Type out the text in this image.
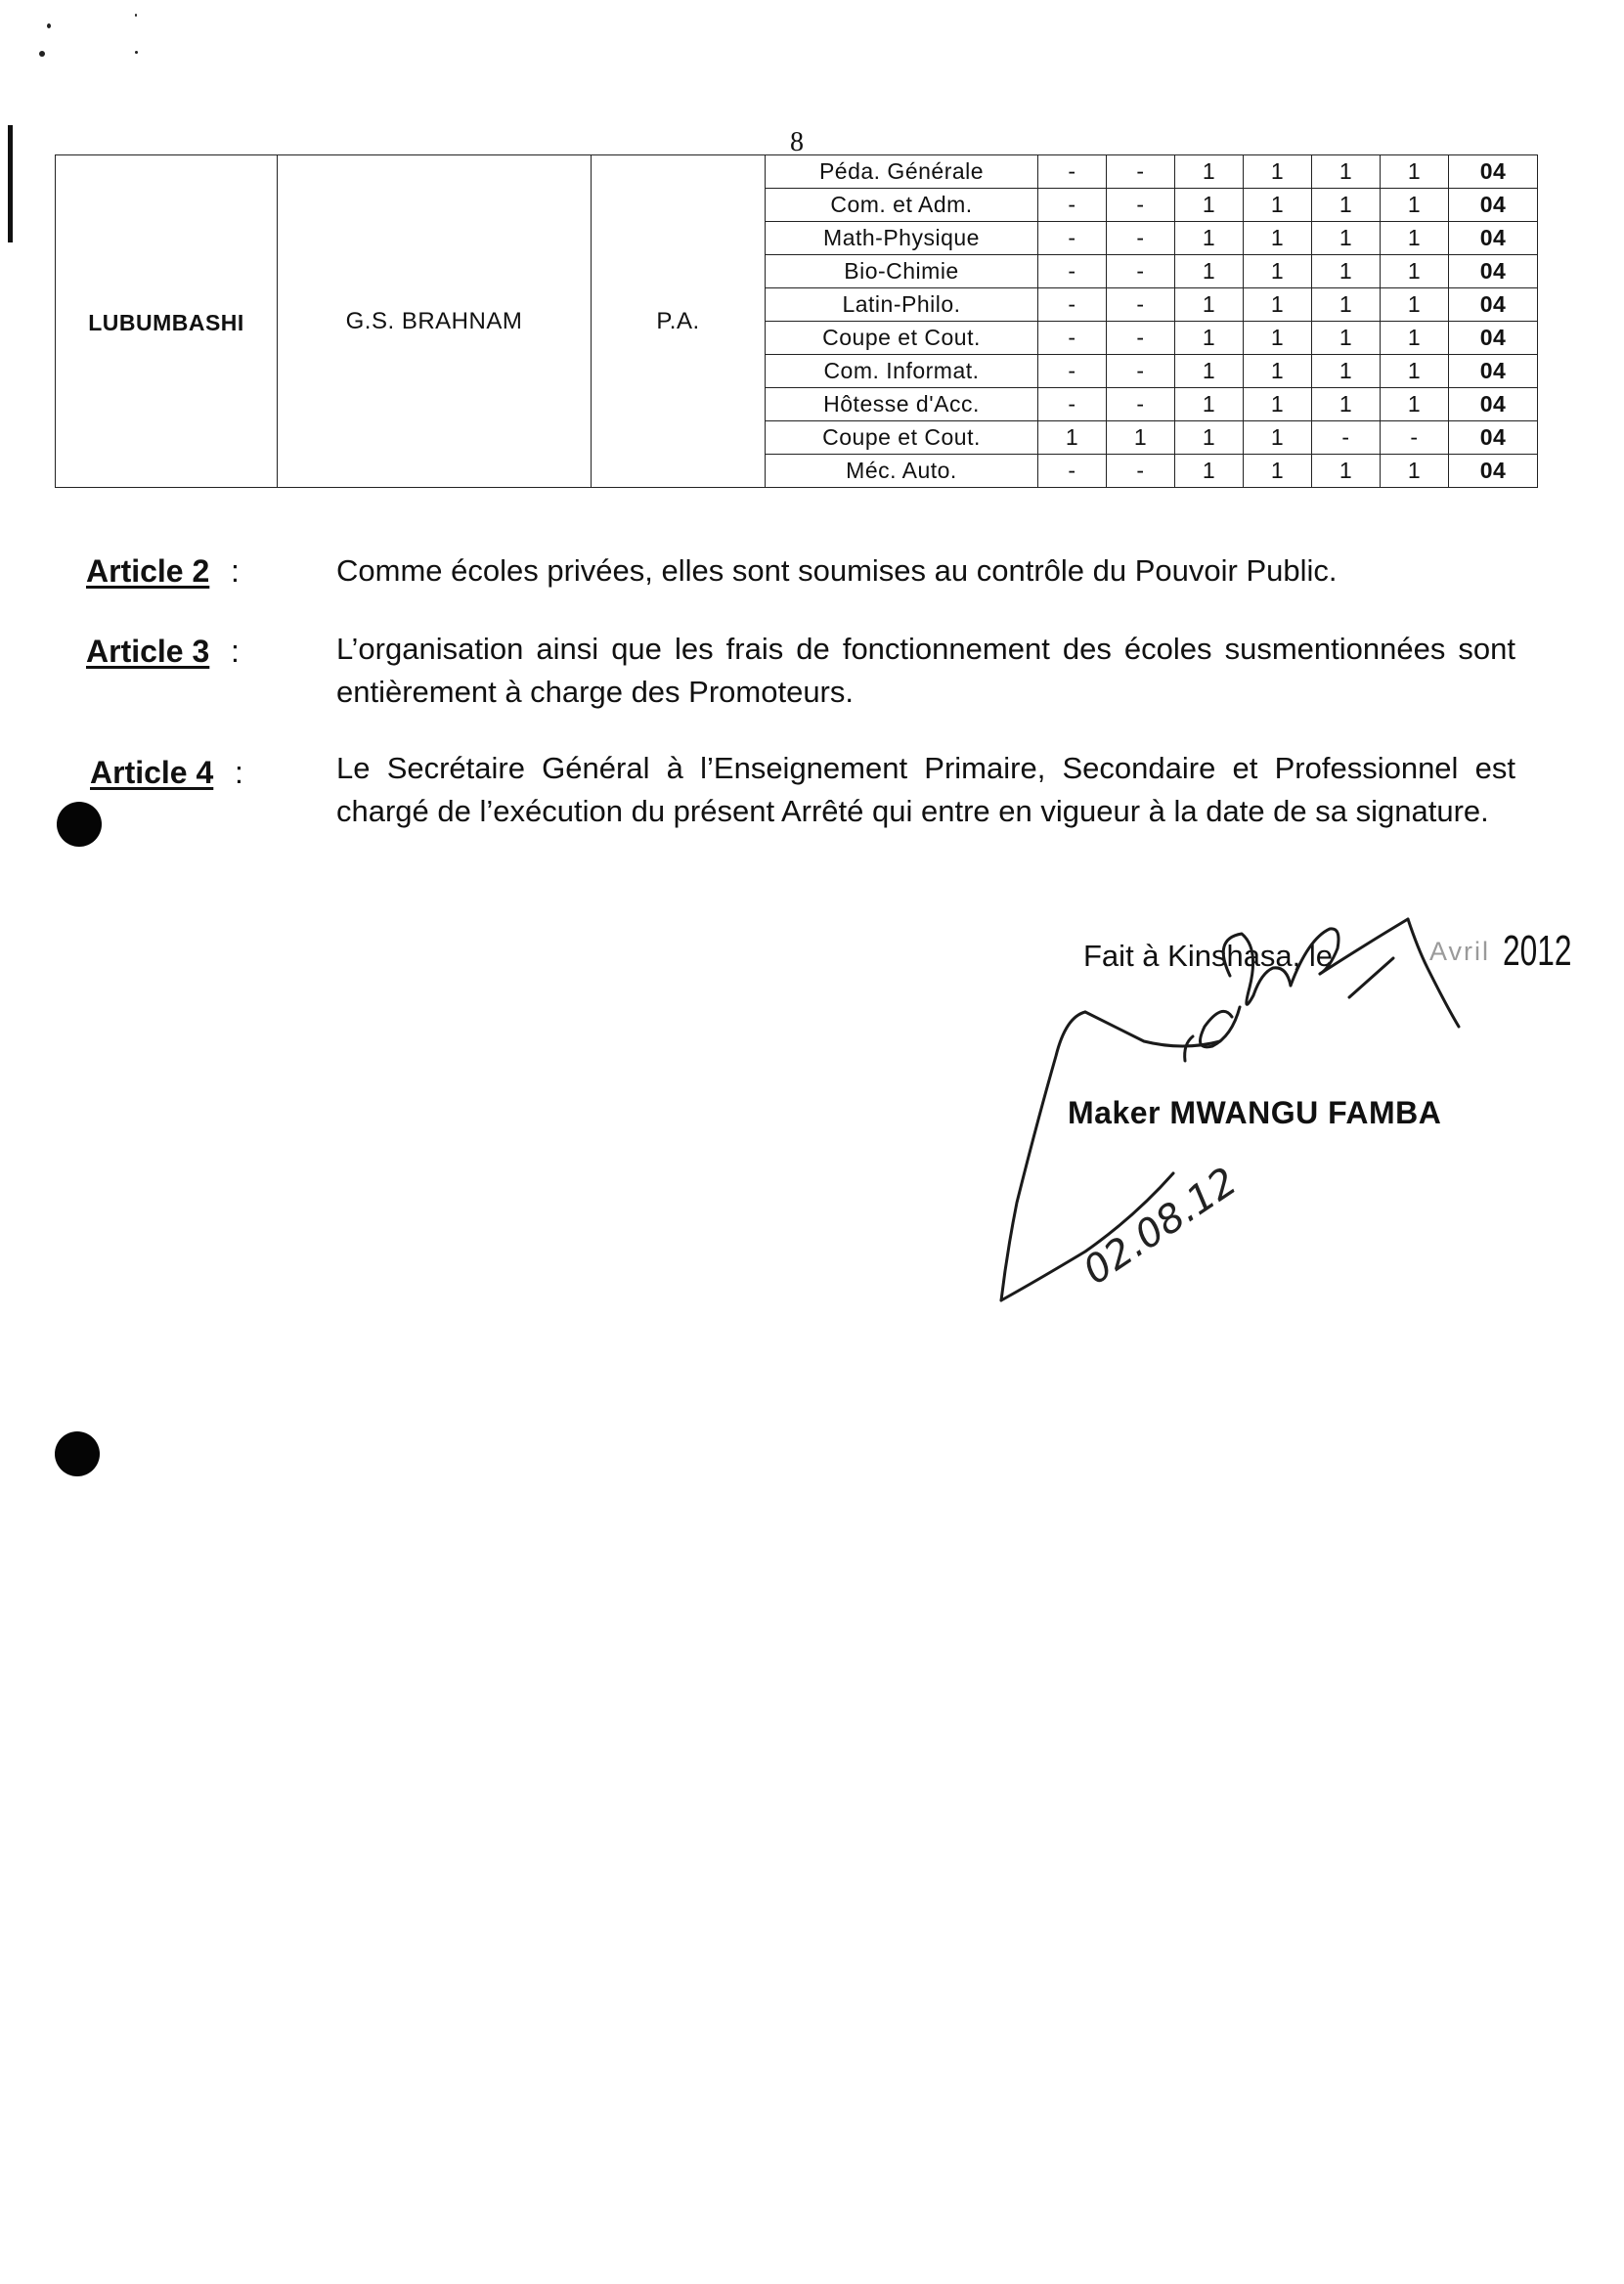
8
LUBUMBASHI	G.S. BRAHNAM	P.A.	Péda. Générale	-	-	1	1	1	1	04
			Com. et Adm.	-	-	1	1	1	1	04
			Math-Physique	-	-	1	1	1	1	04
			Bio-Chimie	-	-	1	1	1	1	04
			Latin-Philo.	-	-	1	1	1	1	04
			Coupe et Cout.	-	-	1	1	1	1	04
			Com. Informat.	-	-	1	1	1	1	04
			Hôtesse d'Acc.	-	-	1	1	1	1	04
			Coupe et Cout.	1	1	1	1	-	-	04
			Méc. Auto.	-	-	1	1	1	1	04
Article 2 :	Comme écoles privées, elles sont soumises au contrôle du Pouvoir Public.
Article 3 :	L’organisation ainsi que les frais de fonctionnement des écoles susmentionnées sont entièrement à charge des Promoteurs.
Article 4 :	Le Secrétaire Général à l’Enseignement Primaire, Secondaire et Professionnel est chargé de l’exécution du présent Arrêté qui entre en vigueur à la date de sa signature.
Fait à Kinshasa, le	Avril 2012
Maker MWANGU FAMBA
02.08.12
